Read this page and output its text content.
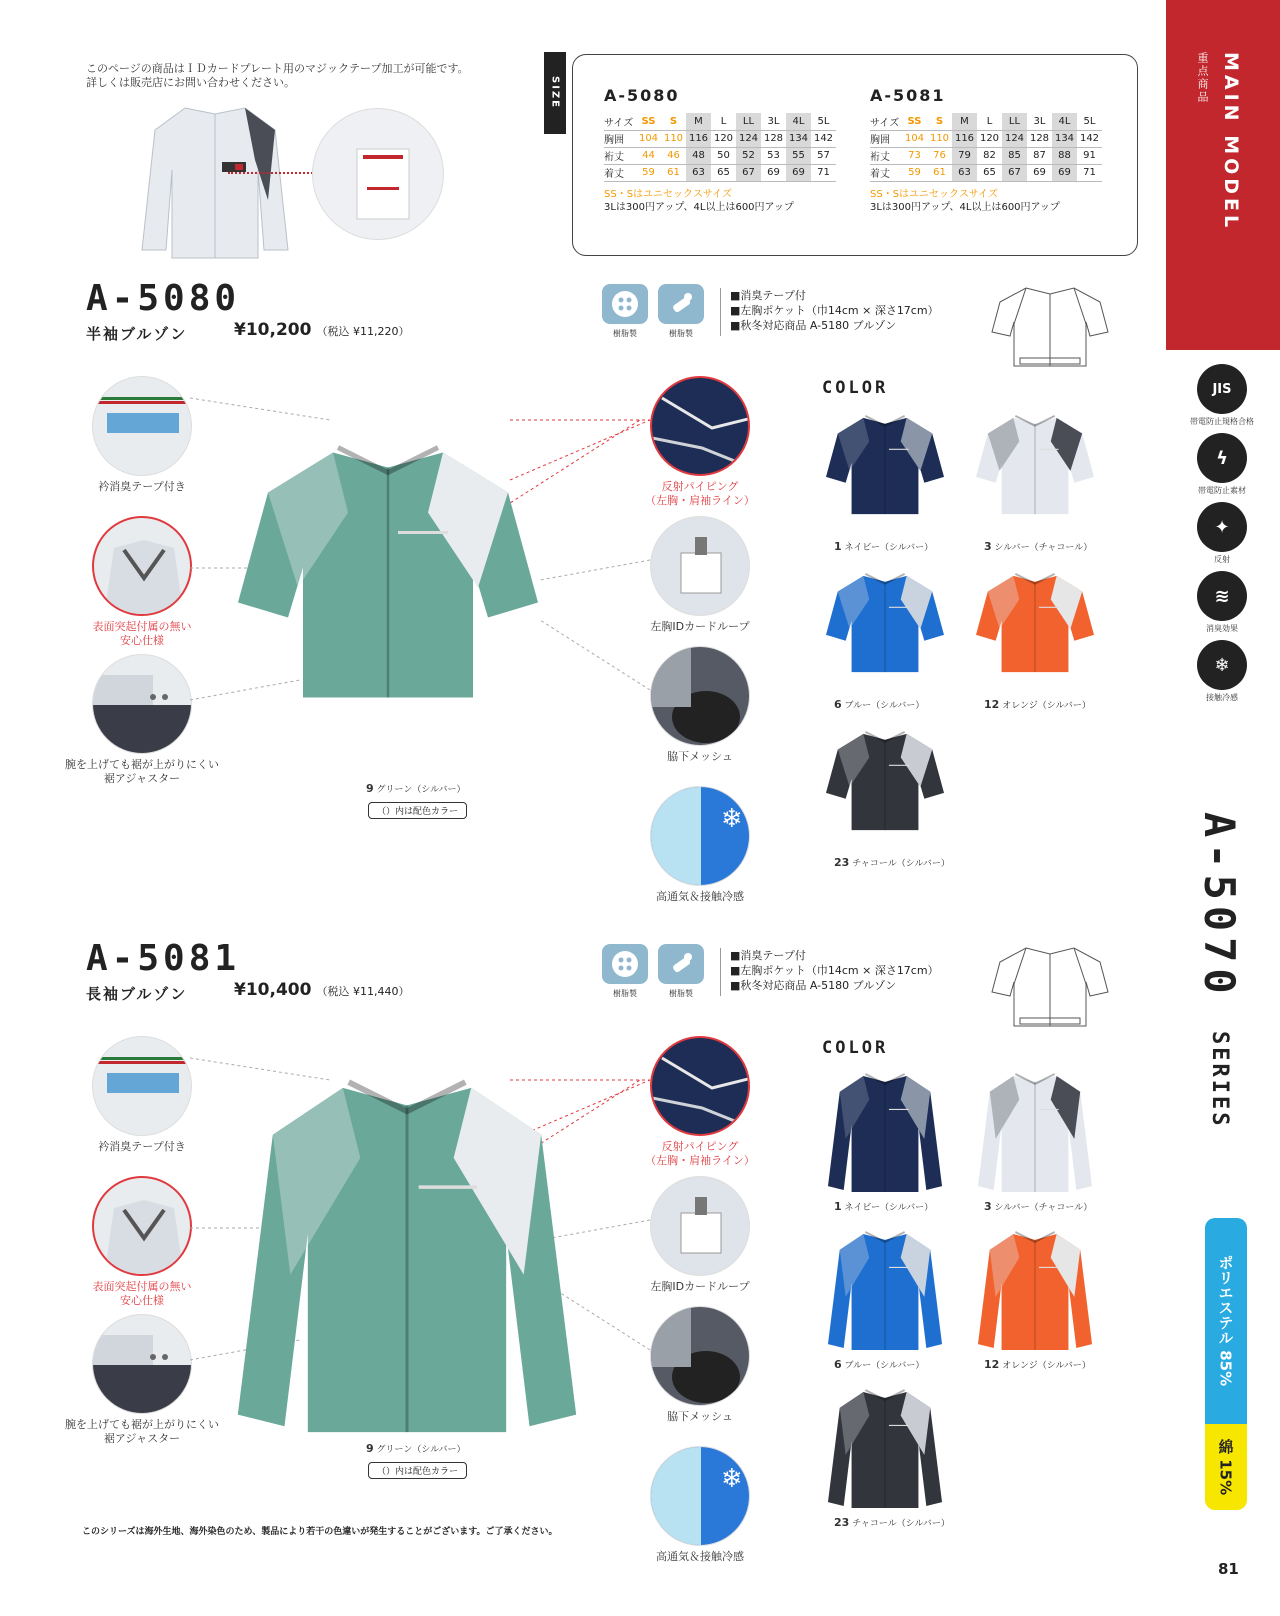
このページの商品はＩＤカードプレート用のマジックテープ加工が可能です。
詳しくは販売店にお問い合わせください。	SIZE	A-5080
サイズ	SS	S	M	L	LL	3L	4L	5L
胸囲	104	110	116	120	124	128	134	142
裄丈	44	46	48	50	52	53	55	57
着丈	59	61	63	65	67	69	69	71
SS・Sはユニセックスサイズ
3Lは300円アップ、4L以上は600円アップ
A-5081
サイズ	SS	S	M	L	LL	3L	4L	5L
胸囲	104	110	116	120	124	128	134	142
裄丈	73	76	79	82	85	87	88	91
着丈	59	61	63	65	67	69	69	71
SS・Sはユニセックスサイズ
3Lは300円アップ、4L以上は600円アップ	MAIN MODEL
重点商品
JIS
帯電防止規格合格
ϟ
帯電防止素材
✦
反射
≋
消臭効果
❄
接触冷感
A-5070 SERIES
ポリエステル 85%
綿 15%
A-5080
半袖ブルゾン	¥10,200 （税込 ¥11,220）	樹脂製	樹脂製
■消臭テープ付
■左胸ポケット（巾14cm × 深さ17cm）
■秋冬対応商品 A-5180 ブルゾン
衿消臭テープ付き
表面突起付属の無い
安心仕様
腕を上げても裾が上がりにくい
裾アジャスター
反射パイピング
（左胸・肩袖ライン）
左胸IDカードループ
脇下メッシュ
❄
高通気＆接触冷感
9 グリーン（シルバー）
（）内は配色カラー
COLOR
1 ネイビー（シルバー）	3 シルバー（チャコール）
6 ブルー（シルバー）	12 オレンジ（シルバー）
23 チャコール（シルバー）
A-5081
長袖ブルゾン	¥10,400 （税込 ¥11,440）	樹脂製	樹脂製
■消臭テープ付
■左胸ポケット（巾14cm × 深さ17cm）
■秋冬対応商品 A-5180 ブルゾン
衿消臭テープ付き
表面突起付属の無い
安心仕様
腕を上げても裾が上がりにくい
裾アジャスター
反射パイピング
（左胸・肩袖ライン）
左胸IDカードループ
脇下メッシュ
❄
高通気＆接触冷感
9 グリーン（シルバー）
（）内は配色カラー
COLOR
1 ネイビー（シルバー）	3 シルバー（チャコール）
6 ブルー（シルバー）	12 オレンジ（シルバー）
23 チャコール（シルバー）
このシリーズは海外生地、海外染色のため、製品により若干の色違いが発生することがございます。ご了承ください。
81
